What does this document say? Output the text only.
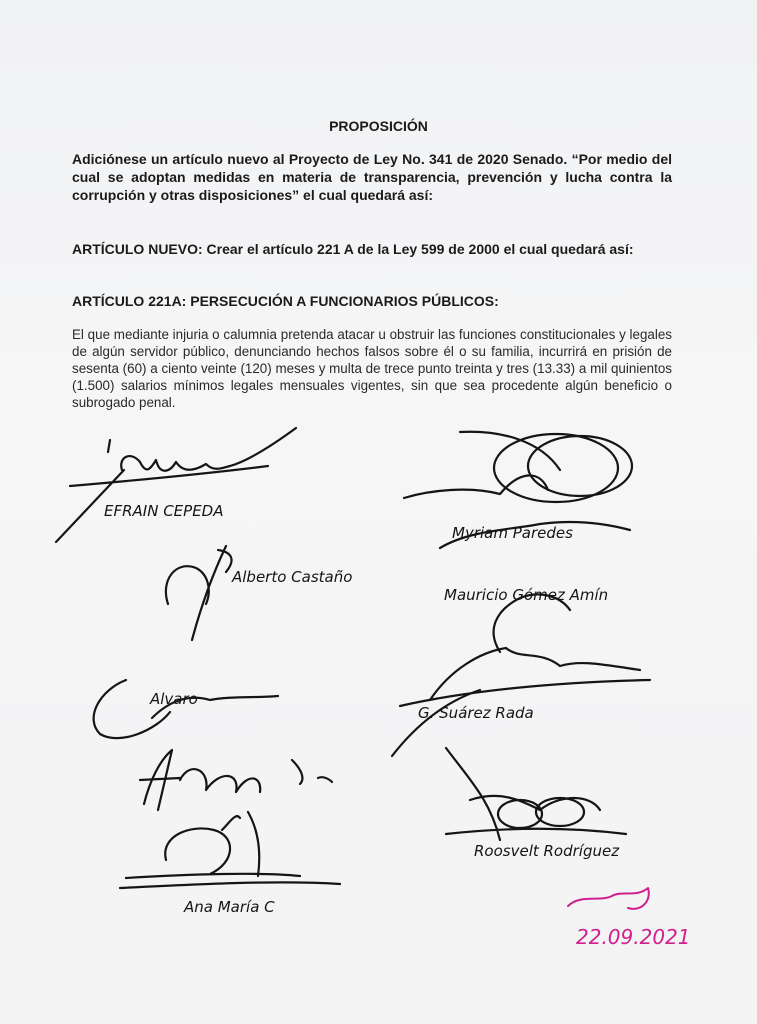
PROPOSICIÓN

Adiciónese un artículo nuevo al Proyecto de Ley No. 341 de 2020 Senado. “Por medio del cual se adoptan medidas en materia de transparencia, prevención y lucha contra la corrupción y otras disposiciones” el cual quedará así:

ARTÍCULO NUEVO: Crear el artículo 221 A de la Ley 599 de 2000 el cual quedará así:

ARTÍCULO 221A: PERSECUCIÓN A FUNCIONARIOS PÚBLICOS:

El que mediante injuria o calumnia pretenda atacar u obstruir las funciones constitucionales y legales de algún servidor público, denunciando hechos falsos sobre él o su familia, incurrirá en prisión de sesenta (60) a ciento veinte (120) meses y multa de trece punto treinta y tres (13.33) a mil quinientos (1.500) salarios mínimos legales mensuales vigentes, sin que sea procedente algún beneficio o subrogado penal.

EFRAIN CEPEDA
Myriam Paredes
Alberto Castaño
Mauricio Gómez Amín
G. Suárez Rada
Alvaro
Roosvelt Rodríguez
Ana María C
22.09.2021
